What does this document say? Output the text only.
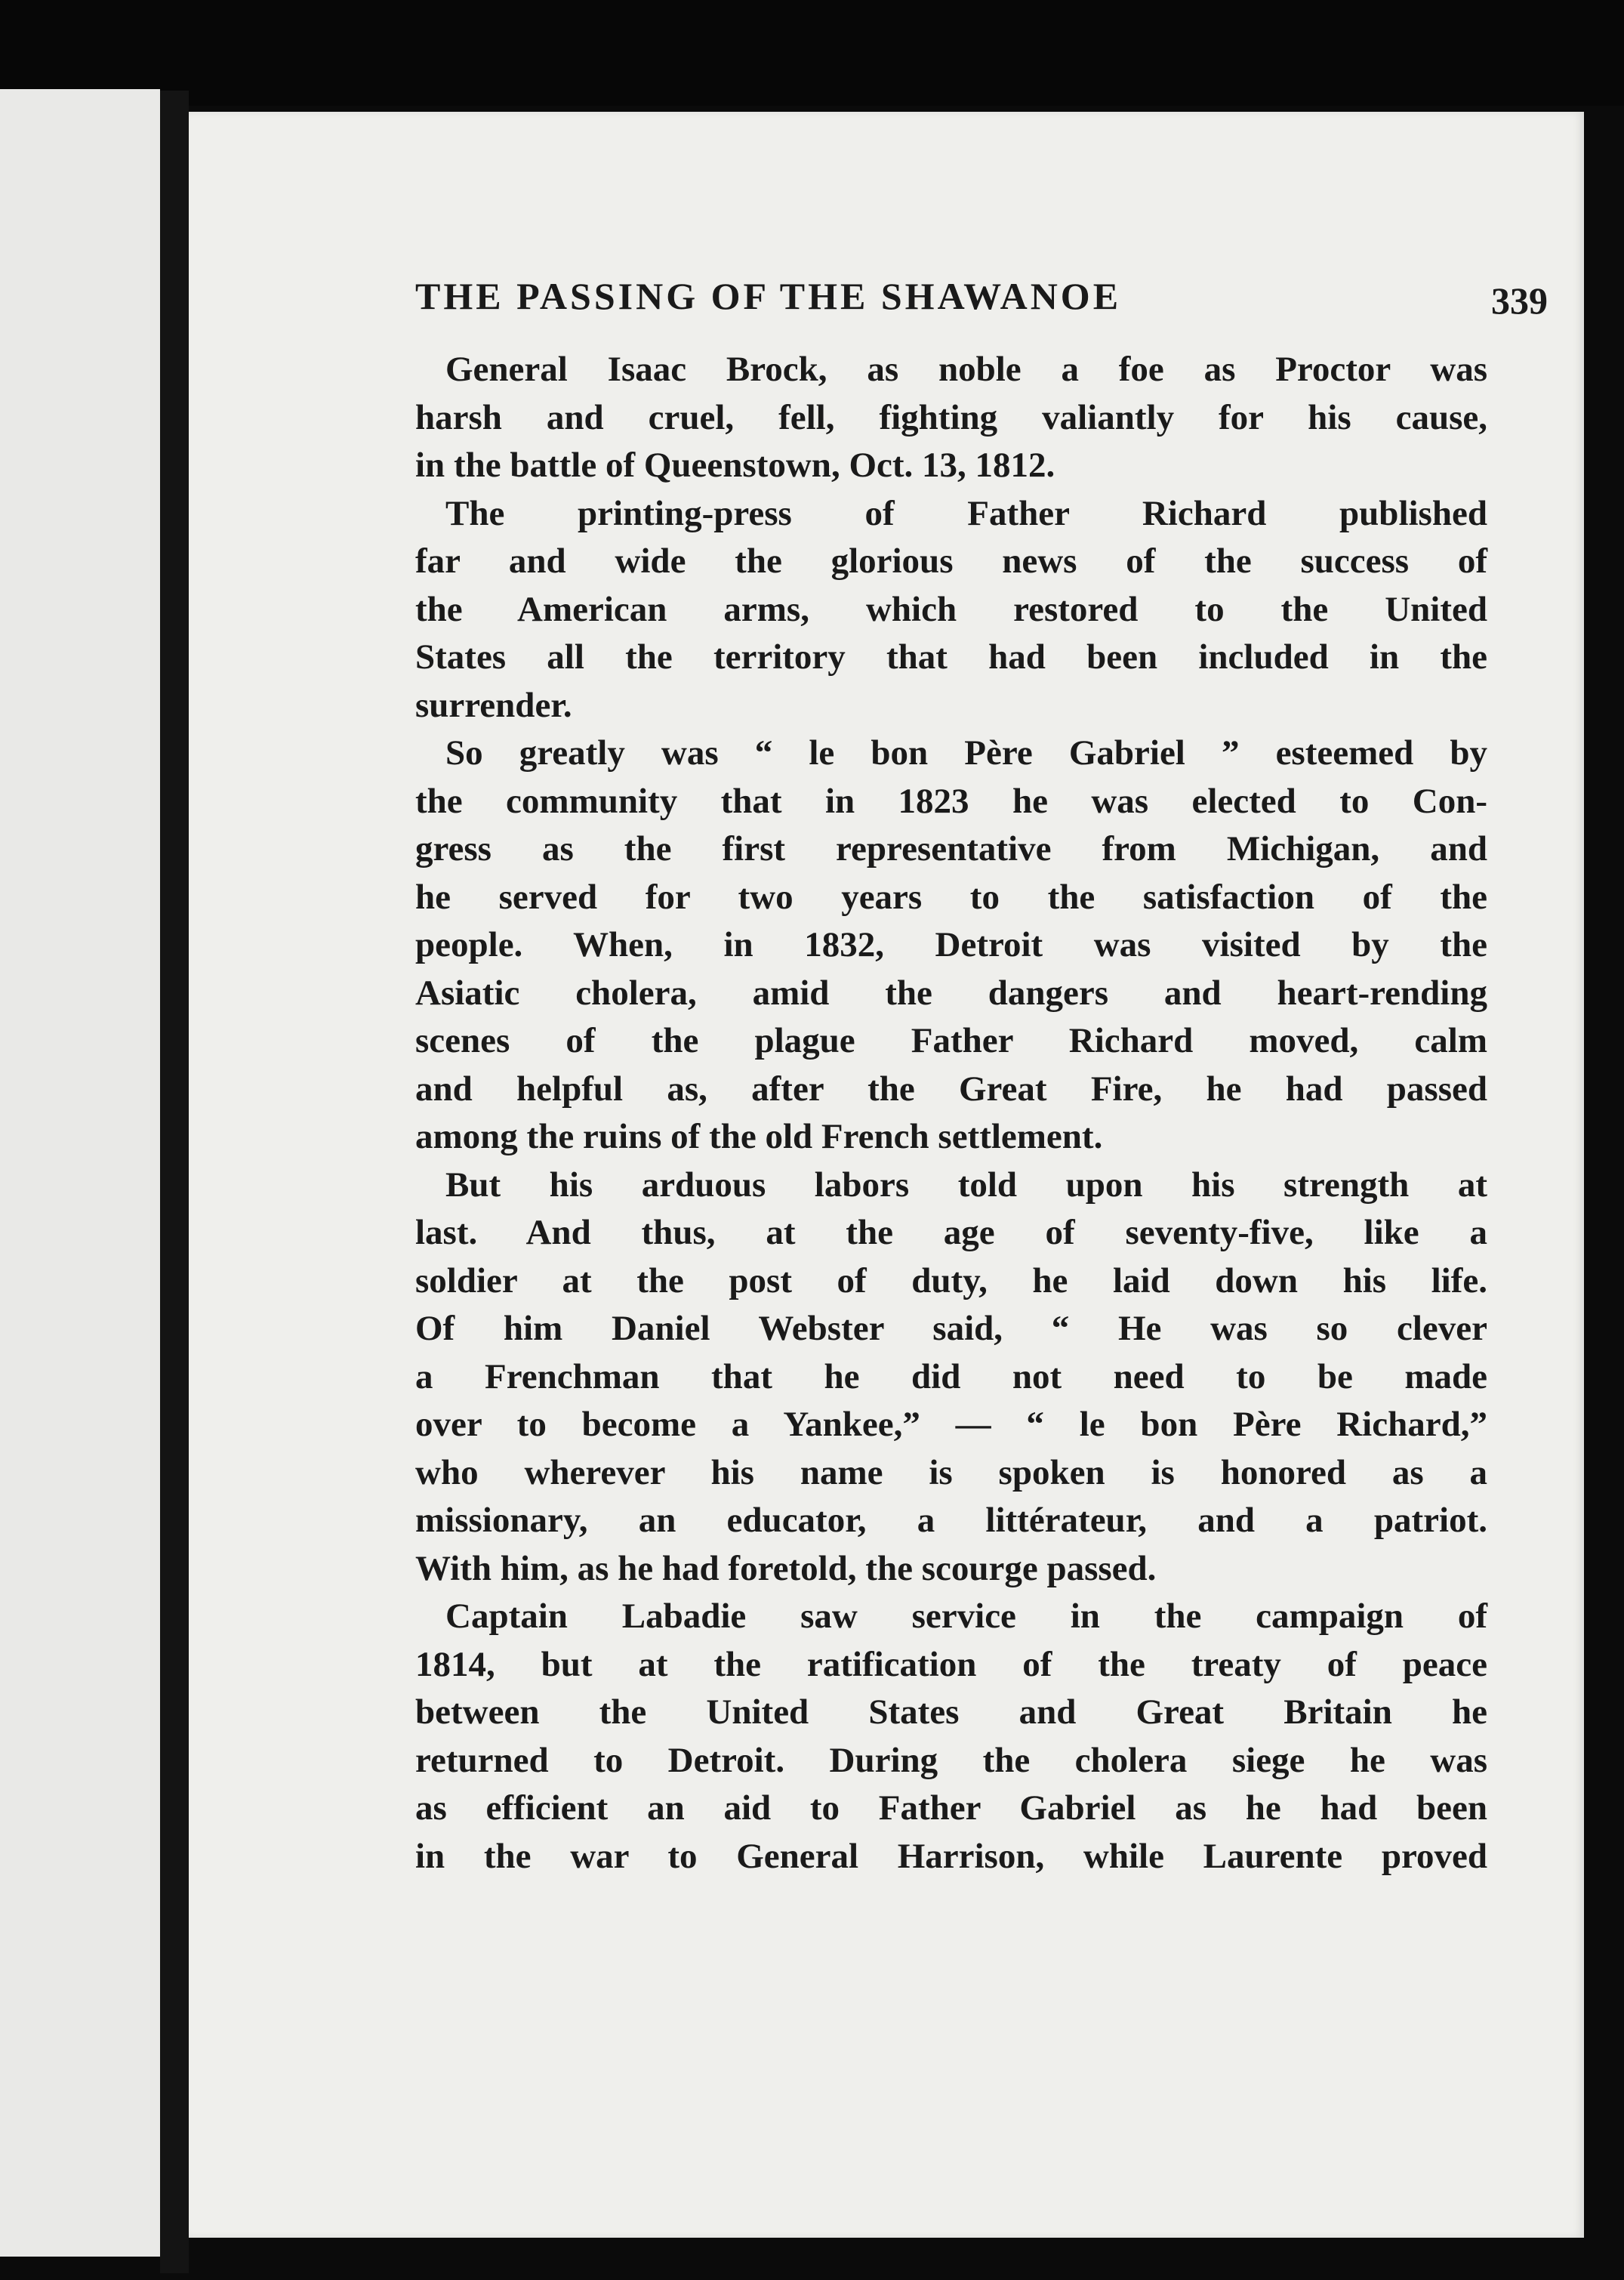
THE PASSING OF THE SHAWANOE	339

General Isaac Brock, as noble a foe as Proctor was
harsh and cruel, fell, fighting valiantly for his cause,
in the battle of Queenstown, Oct. 13, 1812.

The printing-press of Father Richard published
far and wide the glorious news of the success of
the American arms, which restored to the United
States all the territory that had been included in the
surrender.

So greatly was “ le bon Père Gabriel ” esteemed by
the community that in 1823 he was elected to Con-
gress as the first representative from Michigan, and
he served for two years to the satisfaction of the
people. When, in 1832, Detroit was visited by the
Asiatic cholera, amid the dangers and heart-rending
scenes of the plague Father Richard moved, calm
and helpful as, after the Great Fire, he had passed
among the ruins of the old French settlement.

But his arduous labors told upon his strength at
last. And thus, at the age of seventy-five, like a
soldier at the post of duty, he laid down his life.
Of him Daniel Webster said, “ He was so clever
a Frenchman that he did not need to be made
over to become a Yankee,” — “ le bon Père Richard,”
who wherever his name is spoken is honored as a
missionary, an educator, a littérateur, and a patriot.
With him, as he had foretold, the scourge passed.

Captain Labadie saw service in the campaign of
1814, but at the ratification of the treaty of peace
between the United States and Great Britain he
returned to Detroit. During the cholera siege he was
as efficient an aid to Father Gabriel as he had been
in the war to General Harrison, while Laurente proved
